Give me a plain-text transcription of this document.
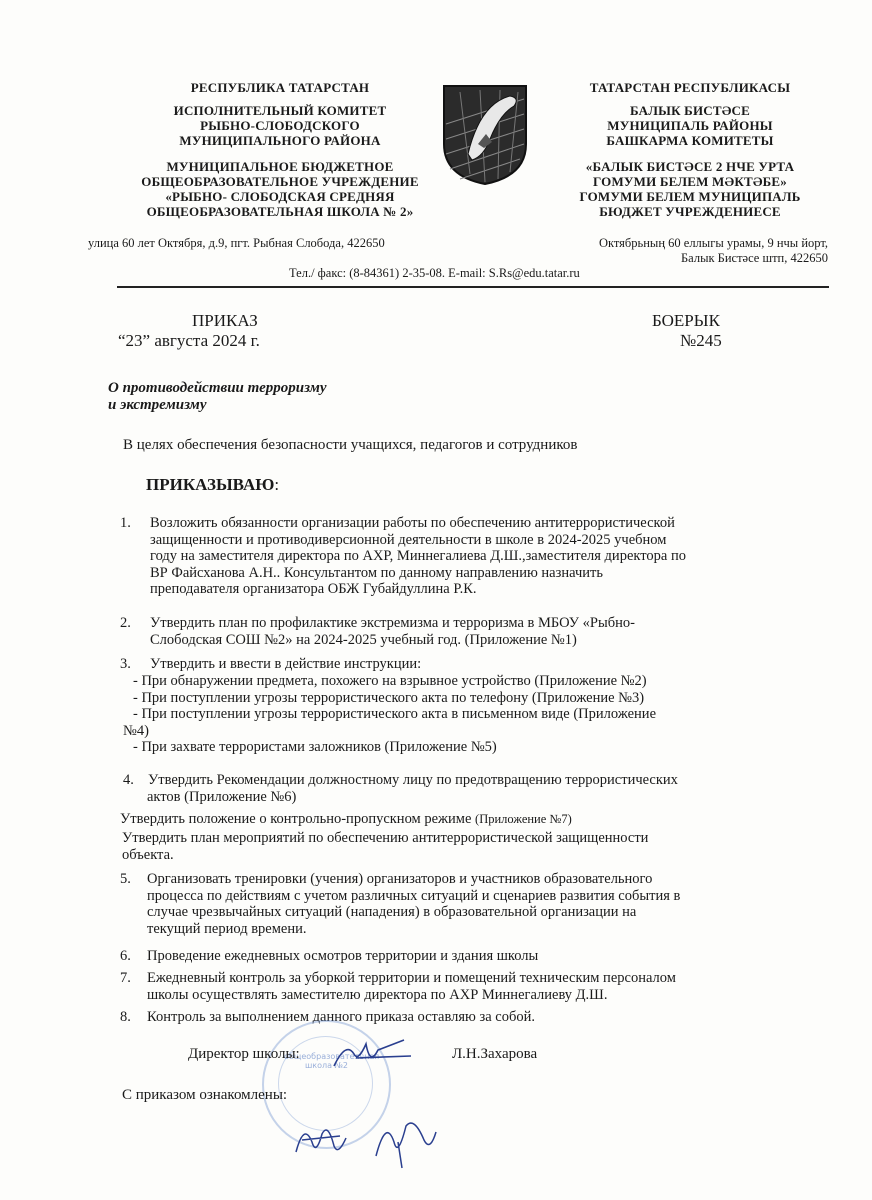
РЕСПУБЛИКА ТАТАРСТАН
ИСПОЛНИТЕЛЬНЫЙ КОМИТЕТ
РЫБНО-СЛОБОДСКОГО
МУНИЦИПАЛЬНОГО РАЙОНА
МУНИЦИПАЛЬНОЕ БЮДЖЕТНОЕ
ОБЩЕОБРАЗОВАТЕЛЬНОЕ УЧРЕЖДЕНИЕ
«РЫБНО- СЛОБОДСКАЯ СРЕДНЯЯ
ОБЩЕОБРАЗОВАТЕЛЬНАЯ ШКОЛА № 2»
улица 60 лет Октября, д.9, пгт. Рыбная Слобода, 422650
ТАТАРСТАН РЕСПУБЛИКАСЫ
БАЛЫК БИСТӘСЕ
МУНИЦИПАЛЬ РАЙОНЫ
БАШКАРМА КОМИТЕТЫ
«БАЛЫК БИСТӘСЕ 2 НЧЕ УРТА
ГОМУМИ БЕЛЕМ МӘКТӘБЕ»
ГОМУМИ БЕЛЕМ МУНИЦИПАЛЬ
БЮДЖЕТ УЧРЕЖДЕНИЕСЕ
Октябрьның 60 еллыгы урамы, 9 нчы йорт,
Балык Бистәсе штп, 422650
Тел./ факс: (8-84361) 2-35-08. E-mail: S.Rs@edu.tatar.ru
ПРИКАЗ
“23” августа 2024 г.
БОЕРЫК
№245
О противодействии терроризму
и экстремизму
В целях обеспечения безопасности учащихся, педагогов и сотрудников
ПРИКАЗЫВАЮ:
1. Возложить обязанности организации работы по обеспечению антитеррористической
защищенности и противодиверсионной деятельности в школе в 2024-2025 учебном
году на заместителя директора по АХР, Миннегалиева Д.Ш.,заместителя директора по
ВР Файсханова А.Н.. Консультантом по данному направлению назначить
преподавателя организатора ОБЖ Губайдуллина Р.К.
2. Утвердить план по профилактике экстремизма и терроризма в МБОУ «Рыбно-
Слободская СОШ №2» на 2024-2025 учебный год. (Приложение №1)
3. Утвердить и ввести в действие инструкции:
- При обнаружении предмета, похожего на взрывное устройство (Приложение №2)
- При поступлении угрозы террористического акта по телефону (Приложение №3)
- При поступлении угрозы террористического акта в письменном виде (Приложение
№4)
- При захвате террористами заложников (Приложение №5)
4. Утвердить Рекомендации должностному лицу по предотвращению террористических
актов (Приложение №6)
Утвердить положение о контрольно-пропускном режиме (Приложение №7)
Утвердить план мероприятий по обеспечению антитеррористической защищенности
объекта.
5. Организовать тренировки (учения) организаторов и участников образовательного
процесса по действиям с учетом различных ситуаций и сценариев развития события в
случае чрезвычайных ситуаций (нападения) в образовательной организации на
текущий период времени.
6. Проведение ежедневных осмотров территории и здания школы
7. Ежедневный контроль за уборкой территории и помещений техническим персоналом
школы осуществлять заместителю директора по АХР Миннегалиеву Д.Ш.
8. Контроль за выполнением данного приказа оставляю за собой.
общеобразовательная школа №2
Директор школы:	Л.Н.Захарова
С приказом ознакомлены:
